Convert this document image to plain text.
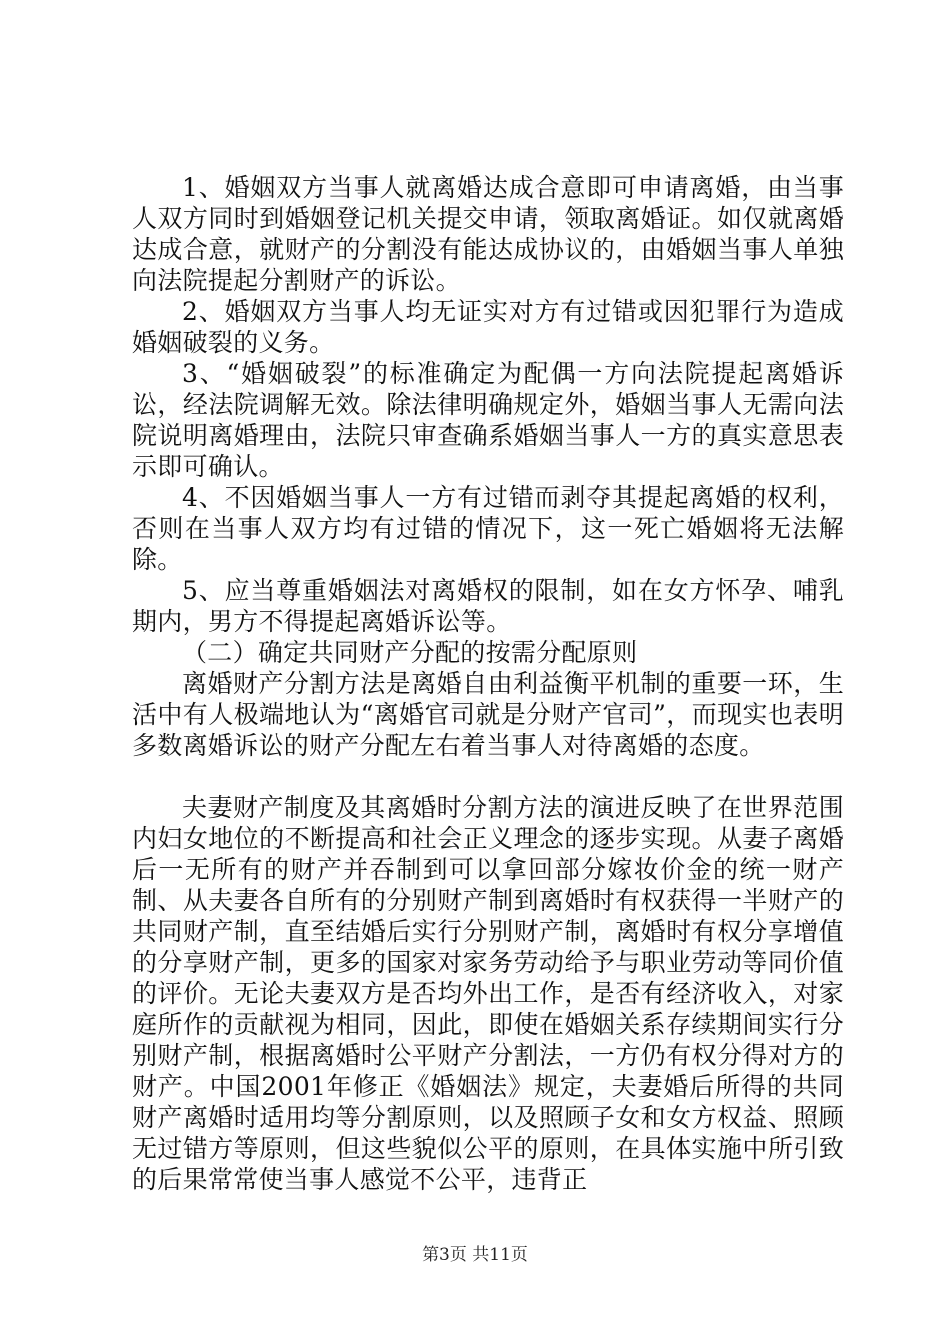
1、婚姻双方当事人就离婚达成合意即可申请离婚，由当事人双方同时到婚姻登记机关提交申请，领取离婚证。如仅就离婚达成合意，就财产的分割没有能达成协议的，由婚姻当事人单独向法院提起分割财产的诉讼。

2、婚姻双方当事人均无证实对方有过错或因犯罪行为造成婚姻破裂的义务。

3、“婚姻破裂”的标准确定为配偶一方向法院提起离婚诉讼，经法院调解无效。除法律明确规定外，婚姻当事人无需向法院说明离婚理由，法院只审查确系婚姻当事人一方的真实意思表示即可确认。

4、不因婚姻当事人一方有过错而剥夺其提起离婚的权利，否则在当事人双方均有过错的情况下，这一死亡婚姻将无法解除。

5、应当尊重婚姻法对离婚权的限制，如在女方怀孕、哺乳期内，男方不得提起离婚诉讼等。

（二）确定共同财产分配的按需分配原则

离婚财产分割方法是离婚自由利益衡平机制的重要一环，生活中有人极端地认为“离婚官司就是分财产官司”，而现实也表明多数离婚诉讼的财产分配左右着当事人对待离婚的态度。

夫妻财产制度及其离婚时分割方法的演进反映了在世界范围内妇女地位的不断提高和社会正义理念的逐步实现。从妻子离婚后一无所有的财产并吞制到可以拿回部分嫁妆价金的统一财产制、从夫妻各自所有的分别财产制到离婚时有权获得一半财产的共同财产制，直至结婚后实行分别财产制，离婚时有权分享增值的分享财产制，更多的国家对家务劳动给予与职业劳动等同价值的评价。无论夫妻双方是否均外出工作，是否有经济收入，对家庭所作的贡献视为相同，因此，即使在婚姻关系存续期间实行分别财产制，根据离婚时公平财产分割法，一方仍有权分得对方的财产。中国2001年修正《婚姻法》规定，夫妻婚后所得的共同财产离婚时适用均等分割原则，以及照顾子女和女方权益、照顾无过错方等原则，但这些貌似公平的原则，在具体实施中所引致的后果常常使当事人感觉不公平，违背正

第3页 共11页
